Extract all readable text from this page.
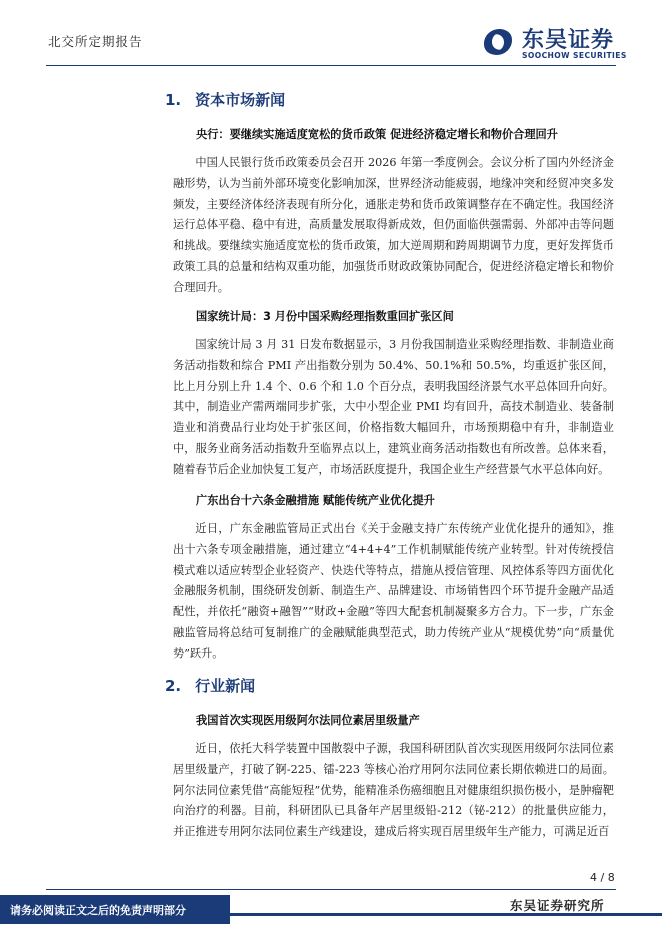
北交所定期报告	东吴证券
SOOCHOW SECURITIES
1. 资本市场新闻
央行：要继续实施适度宽松的货币政策 促进经济稳定增长和物价合理回升
中国人民银行货币政策委员会召开 2026 年第一季度例会。会议分析了国内外经济金融形势，认为当前外部环境变化影响加深，世界经济动能疲弱，地缘冲突和经贸冲突多发频发，主要经济体经济表现有所分化，通胀走势和货币政策调整存在不确定性。我国经济运行总体平稳、稳中有进，高质量发展取得新成效，但仍面临供强需弱、外部冲击等问题和挑战。要继续实施适度宽松的货币政策，加大逆周期和跨周期调节力度，更好发挥货币政策工具的总量和结构双重功能，加强货币财政政策协同配合，促进经济稳定增长和物价合理回升。
国家统计局：3 月份中国采购经理指数重回扩张区间
国家统计局 3 月 31 日发布数据显示，3 月份我国制造业采购经理指数、非制造业商务活动指数和综合 PMI 产出指数分别为 50.4%、50.1%和 50.5%，均重返扩张区间，比上月分别上升 1.4 个、0.6 个和 1.0 个百分点，表明我国经济景气水平总体回升向好。其中，制造业产需两端同步扩张，大中小型企业 PMI 均有回升，高技术制造业、装备制造业和消费品行业均处于扩张区间，价格指数大幅回升，市场预期稳中有升，非制造业中，服务业商务活动指数升至临界点以上，建筑业商务活动指数也有所改善。总体来看，随着春节后企业加快复工复产，市场活跃度提升，我国企业生产经营景气水平总体向好。
广东出台十六条金融措施 赋能传统产业优化提升
近日，广东金融监管局正式出台《关于金融支持广东传统产业优化提升的通知》，推出十六条专项金融措施，通过建立“4+4+4”工作机制赋能传统产业转型。针对传统授信模式难以适应转型企业轻资产、快迭代等特点，措施从授信管理、风控体系等四方面优化金融服务机制，围绕研发创新、制造生产、品牌建设、市场销售四个环节提升金融产品适配性，并依托“融资+融智”“财政+金融”等四大配套机制凝聚多方合力。下一步，广东金融监管局将总结可复制推广的金融赋能典型范式，助力传统产业从“规模优势”向“质量优势”跃升。
2. 行业新闻
我国首次实现医用级阿尔法同位素居里级量产
近日，依托大科学装置中国散裂中子源，我国科研团队首次实现医用级阿尔法同位素居里级量产，打破了锕-225、镭-223 等核心治疗用阿尔法同位素长期依赖进口的局面。阿尔法同位素凭借“高能短程”优势，能精准杀伤癌细胞且对健康组织损伤极小，是肿瘤靶向治疗的利器。目前，科研团队已具备年产居里级铅-212（铋-212）的批量供应能力，并正推进专用阿尔法同位素生产线建设，建成后将实现百居里级年生产能力，可满足近百
4 / 8
请务必阅读正文之后的免责声明部分	东吴证券研究所
